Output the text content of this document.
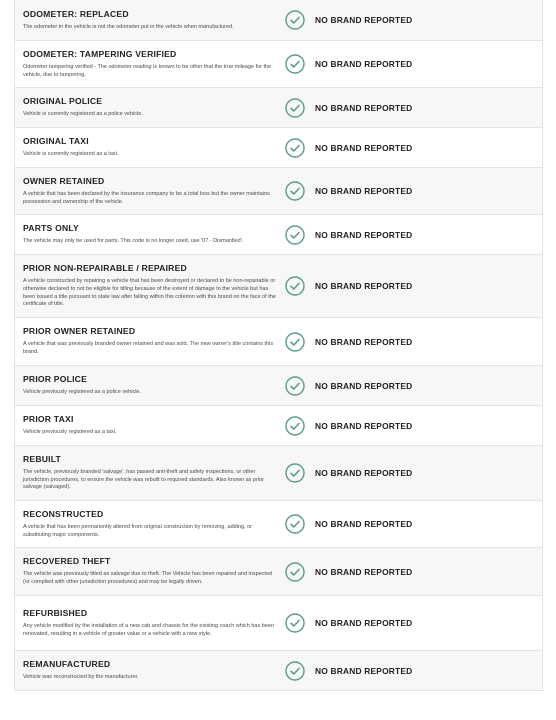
ODOMETER: REPLACED

The odometer in the vehicle is not the odometer put in the vehicle when manufactured.

NO BRAND REPORTED

ODOMETER: TAMPERING VERIFIED

Odometer tampering verified - The odometer reading is known to be other that the true mileage for the vehicle, due to tampering.

NO BRAND REPORTED

ORIGINAL POLICE

Vehicle is currently registered as a police vehicle.

NO BRAND REPORTED

ORIGINAL TAXI

Vehicle is currently registered as a taxi.

NO BRAND REPORTED

OWNER RETAINED

A vehicle that has been declared by the insurance company to be a total loss but the owner maintains possession and ownership of the vehicle.

NO BRAND REPORTED

PARTS ONLY

The vehicle may only be used for parts. This code is no longer used, use '07 - Dismantled'.

NO BRAND REPORTED

PRIOR NON-REPAIRABLE / REPAIRED

A vehicle constructed by repairing a vehicle that has been destroyed or declared to be non-repairable or otherwise declared to not be eligible for titling because of the extent of damage to the vehicle but has been issued a title pursuant to state law after falling within this criterion with this brand on the face of the certificate of title.

NO BRAND REPORTED

PRIOR OWNER RETAINED

A vehicle that was previously branded owner retained and was sold. The new owner's title contains this brand.

NO BRAND REPORTED

PRIOR POLICE

Vehicle previously registered as a police vehicle.

NO BRAND REPORTED

PRIOR TAXI

Vehicle previously registered as a taxi.

NO BRAND REPORTED

REBUILT

The vehicle, previously branded 'salvage', has passed anti-theft and safety inspections, or other jurisdiction procedures, to ensure the vehicle was rebuilt to required standards. Also known as prior salvage (salvaged).

NO BRAND REPORTED

RECONSTRUCTED

A vehicle that has been permanently altered from original construction by removing, adding, or substituting major components.

NO BRAND REPORTED

RECOVERED THEFT

The vehicle was previously titled as salvage due to theft. The Vehicle has been repaired and inspected (or complied with other jurisdiction procedures) and may be legally driven.

NO BRAND REPORTED

REFURBISHED

Any vehicle modified by the installation of a new cab and chassis for the existing coach which has been renovated, resulting in a vehicle of greater value or a vehicle with a new style.

NO BRAND REPORTED

REMANUFACTURED

Vehicle was reconstructed by the manufacturer.

NO BRAND REPORTED
